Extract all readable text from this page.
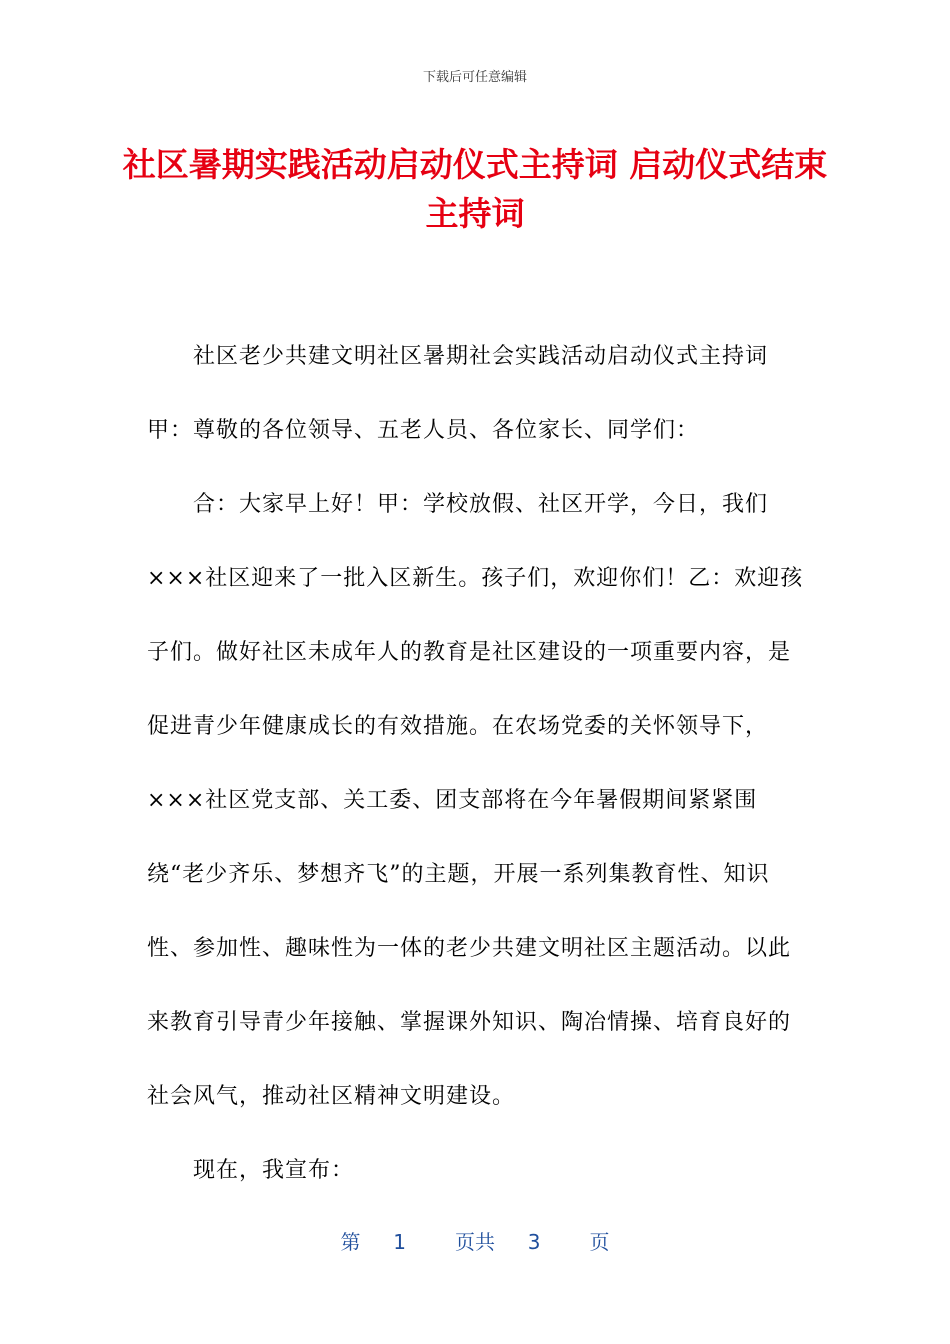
下载后可任意编辑
社区暑期实践活动启动仪式主持词 启动仪式结束主持词

社区老少共建文明社区暑期社会实践活动启动仪式主持词

甲：尊敬的各位领导、五老人员、各位家长、同学们：

合：大家早上好！甲：学校放假、社区开学，今日，我们×××社区迎来了一批入区新生。孩子们，欢迎你们！乙：欢迎孩子们。做好社区未成年人的教育是社区建设的一项重要内容，是促进青少年健康成长的有效措施。在农场党委的关怀领导下，×××社区党支部、关工委、团支部将在今年暑假期间紧紧围绕“老少齐乐、梦想齐飞”的主题，开展一系列集教育性、知识性、参加性、趣味性为一体的老少共建文明社区主题活动。以此来教育引导青少年接触、掌握课外知识、陶冶情操、培育良好的社会风气，推动社区精神文明建设。

现在，我宣布：

第  1   页共  3   页
